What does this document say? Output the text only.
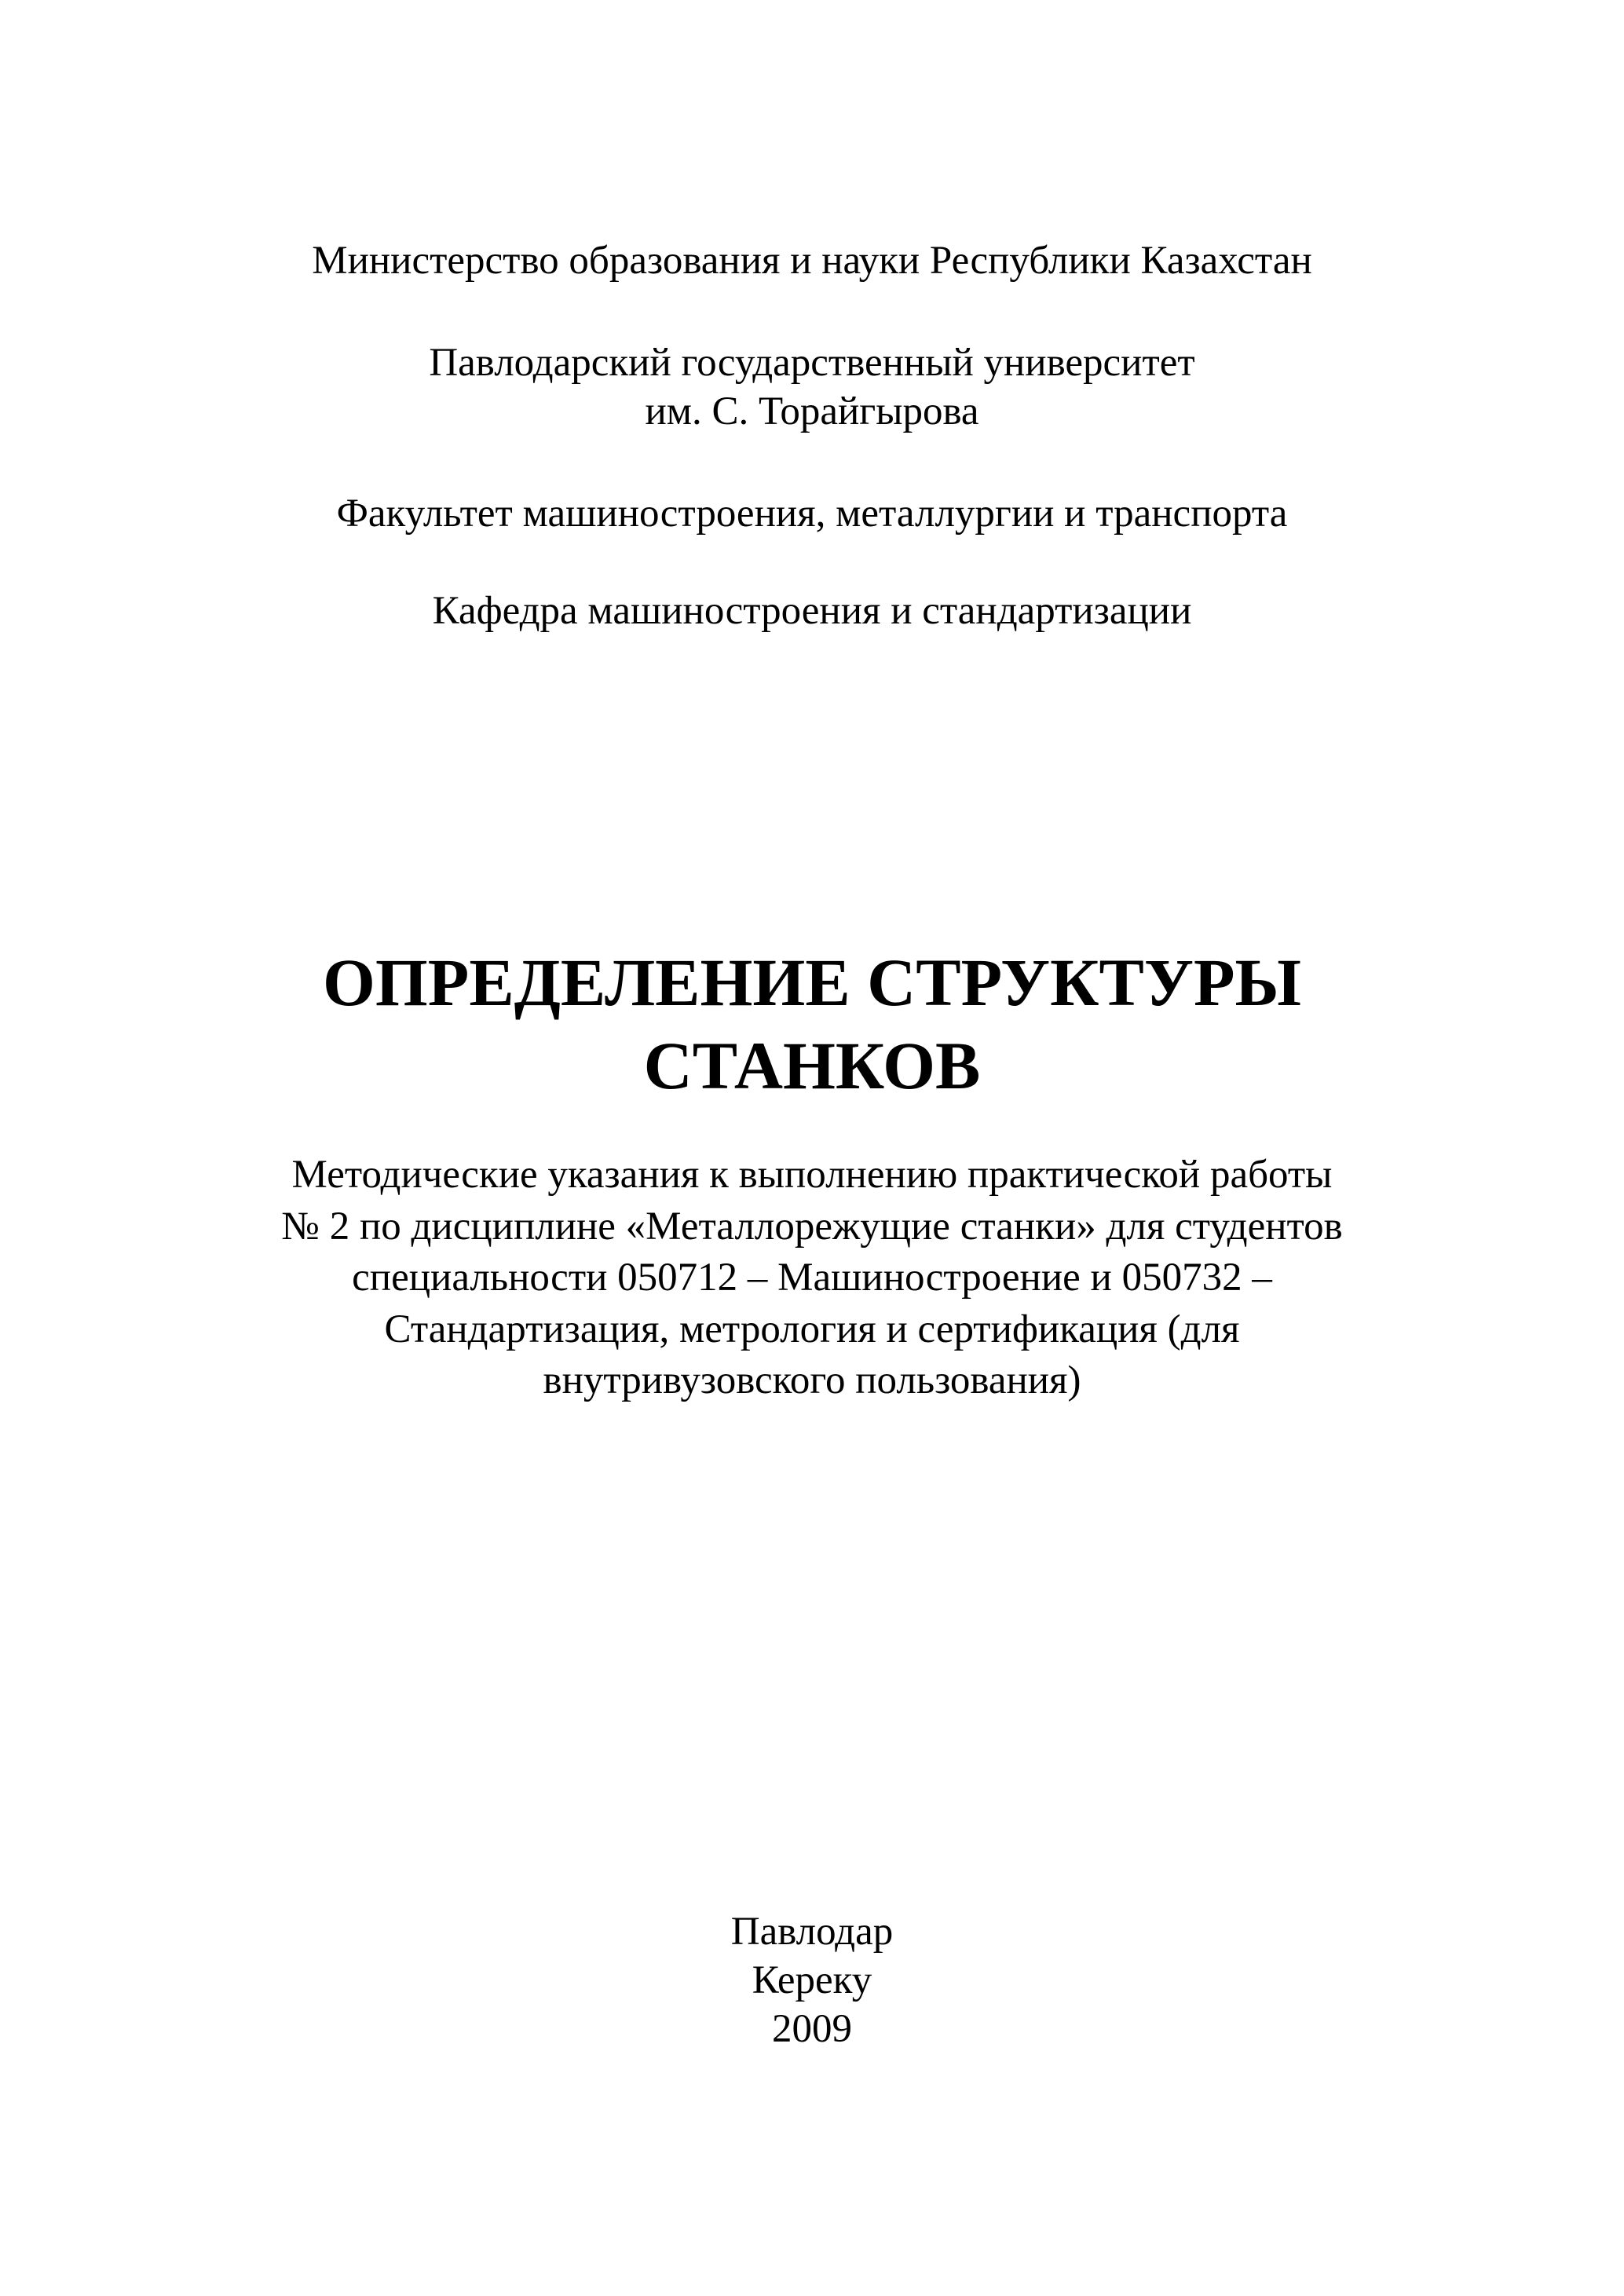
Министерство образования и науки Республики Казахстан
Павлодарский государственный университет
им. С. Торайгырова
Факультет машиностроения, металлургии и транспорта
Кафедра машиностроения и стандартизации
ОПРЕДЕЛЕНИЕ СТРУКТУРЫ
СТАНКОВ
Методические указания к выполнению практической работы
№ 2 по дисциплине «Металлорежущие станки» для студентов
специальности 050712 – Машиностроение и 050732 –
Стандартизация, метрология и сертификация (для
внутривузовского пользования)
Павлодар
Кереку
2009
